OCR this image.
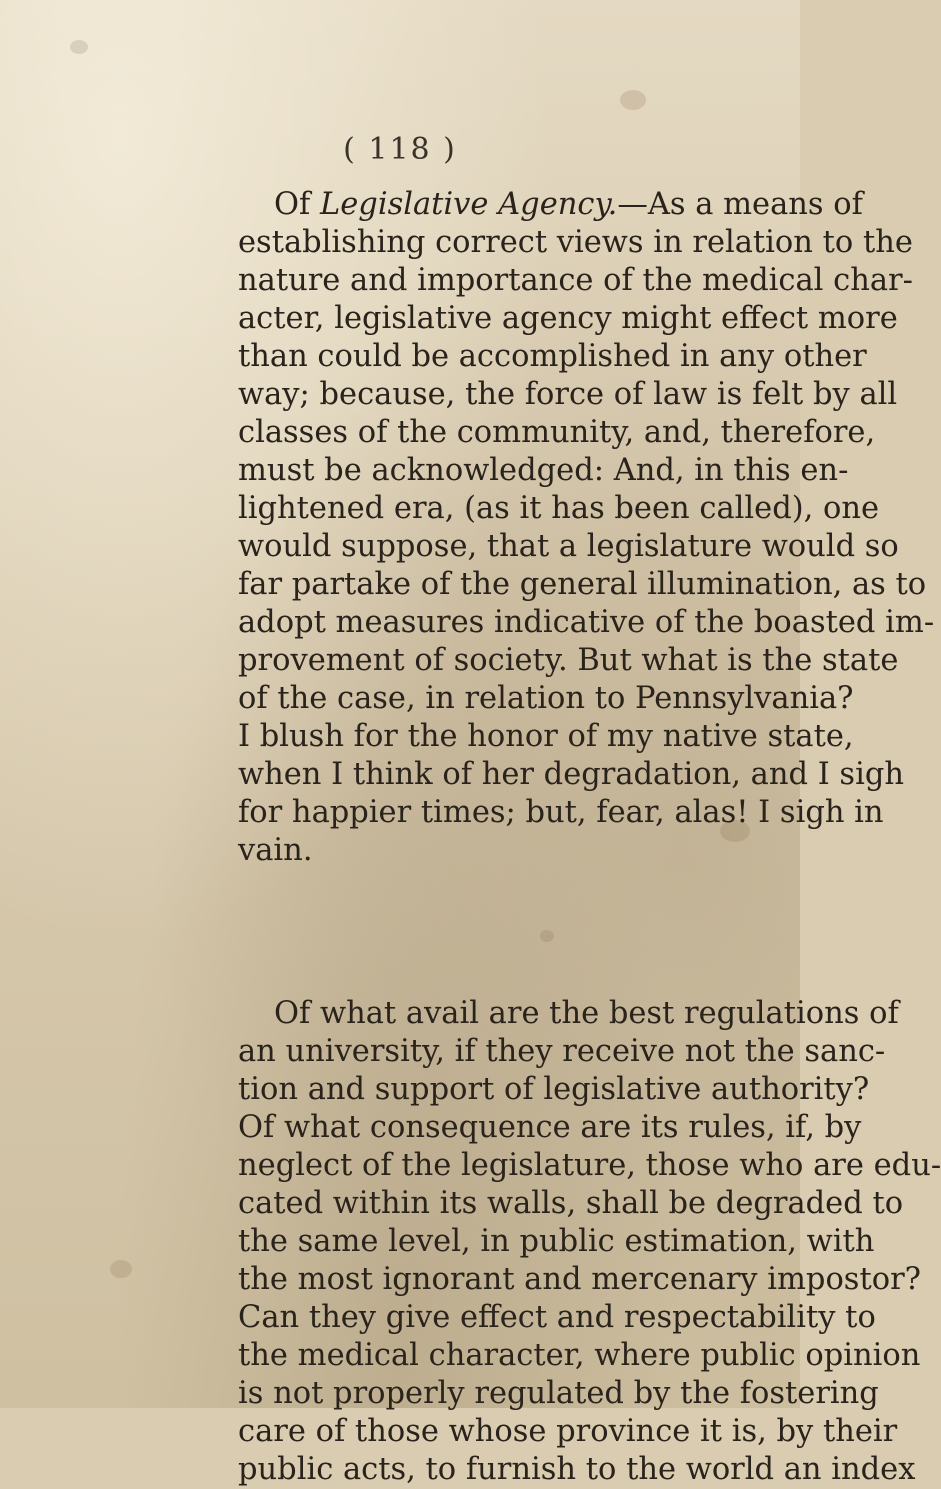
( 118 )
Of Legislative Agency.—As a means of
establishing correct views in relation to the
nature and importance of the medical char-
acter, legislative agency might effect more
than could be accomplished in any other
way; because, the force of law is felt by all
classes of the community, and, therefore,
must be acknowledged: And, in this en-
lightened era, (as it has been called), one
would suppose, that a legislature would so
far partake of the general illumination, as to
adopt measures indicative of the boasted im-
provement of society. But what is the state
of the case, in relation to Pennsylvania?
I blush for the honor of my native state,
when I think of her degradation, and I sigh
for happier times; but, fear, alas! I sigh in
vain.
Of what avail are the best regulations of
an university, if they receive not the sanc-
tion and support of legislative authority?
Of what consequence are its rules, if, by
neglect of the legislature, those who are edu-
cated within its walls, shall be degraded to
the same level, in public estimation, with
the most ignorant and mercenary impostor?
Can they give effect and respectability to
the medical character, where public opinion
is not properly regulated by the fostering
care of those whose province it is, by their
public acts, to furnish to the world an index
